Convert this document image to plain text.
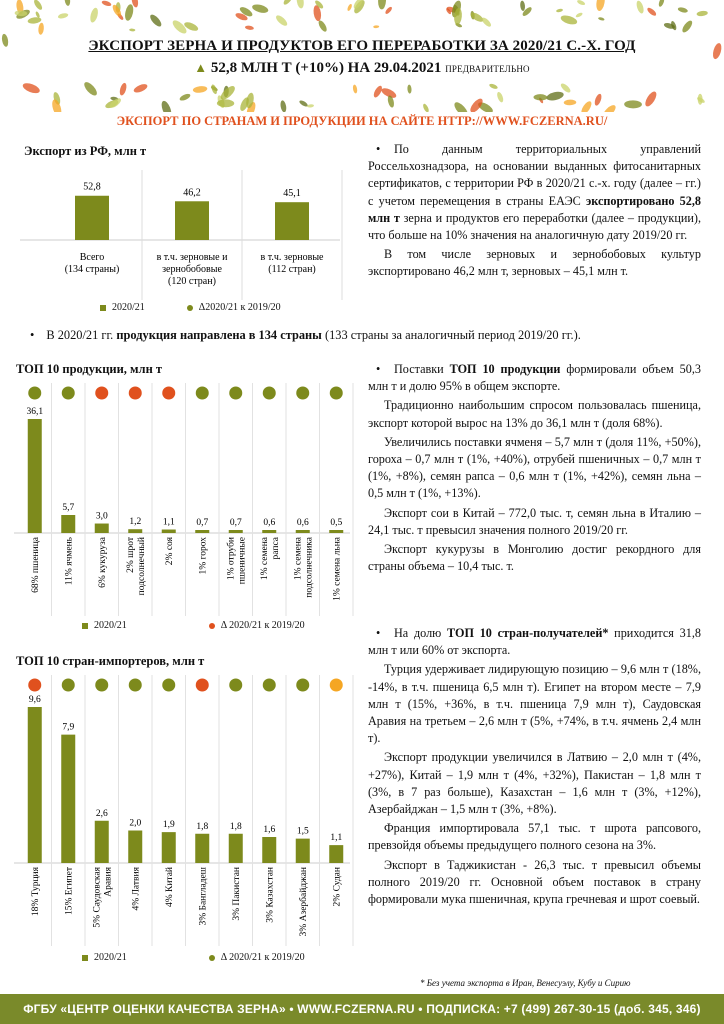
ЭКСПОРТ ЗЕРНА И ПРОДУКТОВ ЕГО ПЕРЕРАБОТКИ ЗА 2020/21 С.-Х. ГОД
▲ 52,8 МЛН Т (+10%) НА 29.04.2021 ПРЕДВАРИТЕЛЬНО
ЭКСПОРТ ПО СТРАНАМ И ПРОДУКЦИИ НА САЙТЕ HTTP://WWW.FCZERNA.RU/
Экспорт из РФ, млн т
52,8
Всего
(134 страны)
46,2
в т.ч. зерновые и
зернобобовые
(120 стран)
45,1
в т.ч. зерновые
(112 стран)
2020/21	Δ2020/21 к 2019/20

• По данным территориальных управлений Россельхознадзора, на основании выданных фитосанитарных сертификатов, с территории РФ в 2020/21 с.-х. году (далее – гг.) с учетом перемещения в страны ЕАЭС экспортировано 52,8 млн т зерна и продуктов его переработки (далее – продукции), что больше на 10% значения на аналогичную дату 2019/20 гг.

В том числе зерновых и зернобобовых культур экспортировано 46,2 млн т, зерновых – 45,1 млн т.

• В 2020/21 гг. продукция направлена в 134 страны (133 страны за аналогичный период 2019/20 гг.).
ТОП 10 продукции, млн т
36,1
68% пшеница
5,7
11% ячмень
3,0
6% кукуруза
1,2
2% шрот подсолнечный
1,1
2% соя
0,7
1% горох
0,7
1% отруби пшеничные
0,6
1% семена рапса
0,6
1% семена подсолнечника
0,5
1% семена льна
2020/21	Δ 2020/21 к 2019/20

• Поставки ТОП 10 продукции формировали объем 50,3 млн т и долю 95% в общем экспорте.

Традиционно наибольшим спросом пользовалась пшеница, экспорт которой вырос на 13% до 36,1 млн т (доля 68%).

Увеличились поставки ячменя – 5,7 млн т (доля 11%, +50%), гороха – 0,7 млн т (1%, +40%), отрубей пшеничных – 0,7 млн т (1%, +8%), семян рапса – 0,6 млн т (1%, +42%), семян льна – 0,5 млн т (1%, +13%).

Экспорт сои в Китай – 772,0 тыс. т, семян льна в Италию – 24,1 тыс. т превысил значения полного 2019/20 гг.

Экспорт кукурузы в Монголию достиг рекордного для страны объема – 10,4 тыс. т.

ТОП 10 стран-импортеров, млн т
9,6
18% Турция
7,9
15% Египет
2,6
5% Саудовская Аравия
2,0
4% Латвия
1,9
4% Китай
1,8
3% Бангладеш
1,8
3% Пакистан
1,6
3% Казахстан
1,5
3% Азербайджан
1,1
2% Судан
2020/21	Δ 2020/21 к 2019/20

• На долю ТОП 10 стран-получателей* приходится 31,8 млн т или 60% от экспорта.

Турция удерживает лидирующую позицию – 9,6 млн т (18%, -14%, в т.ч. пшеница 6,5 млн т). Египет на втором месте – 7,9 млн т (15%, +36%, в т.ч. пшеница 7,9 млн т), Саудовская Аравия на третьем – 2,6 млн т (5%, +74%, в т.ч. ячмень 2,4 млн т).

Экспорт продукции увеличился в Латвию – 2,0 млн т (4%, +27%), Китай – 1,9 млн т (4%, +32%), Пакистан – 1,8 млн т (3%, в 7 раз больше), Казахстан – 1,6 млн т (3%, +12%), Азербайджан – 1,5 млн т (3%, +8%).

Франция импортировала 57,1 тыс. т шрота рапсового, превзойдя объемы предыдущего полного сезона на 3%.

Экспорт в Таджикистан - 26,3 тыс. т превысил объемы полного 2019/20 гг. Основной объем поставок в страну формировали мука пшеничная, крупа гречневая и шрот соевый.

* Без учета экспорта в Иран, Венесуэлу, Кубу и Сирию
ФГБУ «ЦЕНТР ОЦЕНКИ КАЧЕСТВА ЗЕРНА» • WWW.FCZERNA.RU • ПОДПИСКА: +7 (499) 267-30-15 (доб. 345, 346)
